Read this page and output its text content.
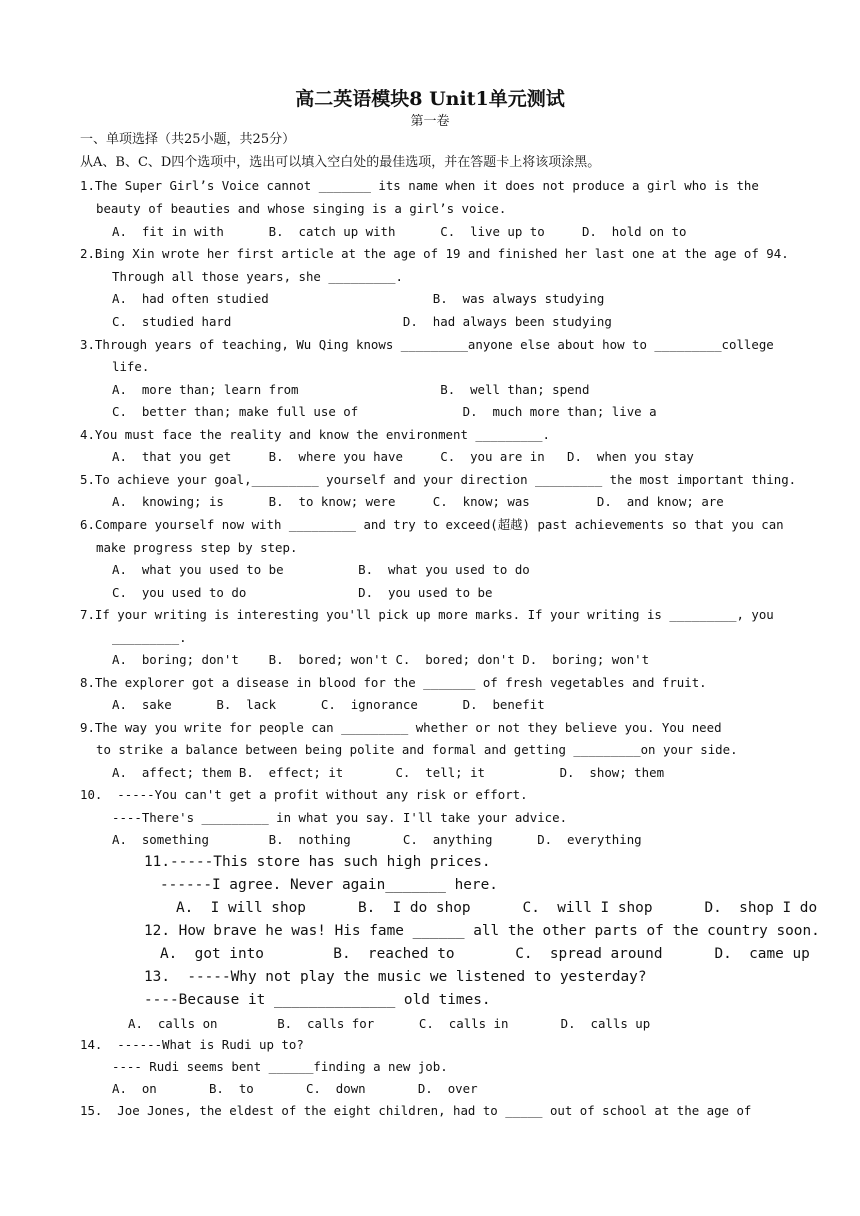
高二英语模块8 Unit1单元测试
第一卷
一、单项选择（共25小题，共25分）
从A、B、C、D四个选项中，选出可以填入空白处的最佳选项，并在答题卡上将该项涂黑。
1.The Super Girl’s Voice cannot _______ its name when it does not produce a girl who is the
beauty of beauties and whose singing is a girl’s voice.
A.  fit in with      B.  catch up with      C.  live up to     D.  hold on to
2.Bing Xin wrote her first article at the age of 19 and finished her last one at the age of 94.
Through all those years, she _________.
A.  had often studied                      B.  was always studying
C.  studied hard                       D.  had always been studying
3.Through years of teaching, Wu Qing knows _________anyone else about how to _________college
life.
A.  more than; learn from                   B.  well than; spend
C.  better than; make full use of              D.  much more than; live a
4.You must face the reality and know the environment _________.
A.  that you get     B.  where you have     C.  you are in   D.  when you stay
5.To achieve your goal,_________ yourself and your direction _________ the most important thing.
A.  knowing; is      B.  to know; were     C.  know; was         D.  and know; are
6.Compare yourself now with _________ and try to exceed(超越) past achievements so that you can
make progress step by step.
A.  what you used to be          B.  what you used to do
C.  you used to do               D.  you used to be
7.If your writing is interesting you'll pick up more marks. If your writing is _________, you
_________.
A.  boring; don't    B.  bored; won't C.  bored; don't D.  boring; won't
8.The explorer got a disease in blood for the _______ of fresh vegetables and fruit.
A.  sake      B.  lack      C.  ignorance      D.  benefit
9.The way you write for people can _________ whether or not they believe you. You need
to strike a balance between being polite and formal and getting _________on your side.
A.  affect; them B.  effect; it       C.  tell; it          D.  show; them
10.  -----You can't get a profit without any risk or effort.
----There's _________ in what you say. I'll take your advice.
A.  something        B.  nothing       C.  anything      D.  everything
11.-----This store has such high prices.
------I agree. Never again_______ here.
A.  I will shop      B.  I do shop      C.  will I shop      D.  shop I do
12. How brave he was! His fame ______ all the other parts of the country soon.
A.  got into        B.  reached to       C.  spread around      D.  came up
13.  -----Why not play the music we listened to yesterday?
----Because it ______________ old times.
A.  calls on        B.  calls for      C.  calls in       D.  calls up
14.  ------What is Rudi up to?
---- Rudi seems bent ______finding a new job.
A.  on       B.  to       C.  down       D.  over
15.  Joe Jones, the eldest of the eight children, had to _____ out of school at the age of
